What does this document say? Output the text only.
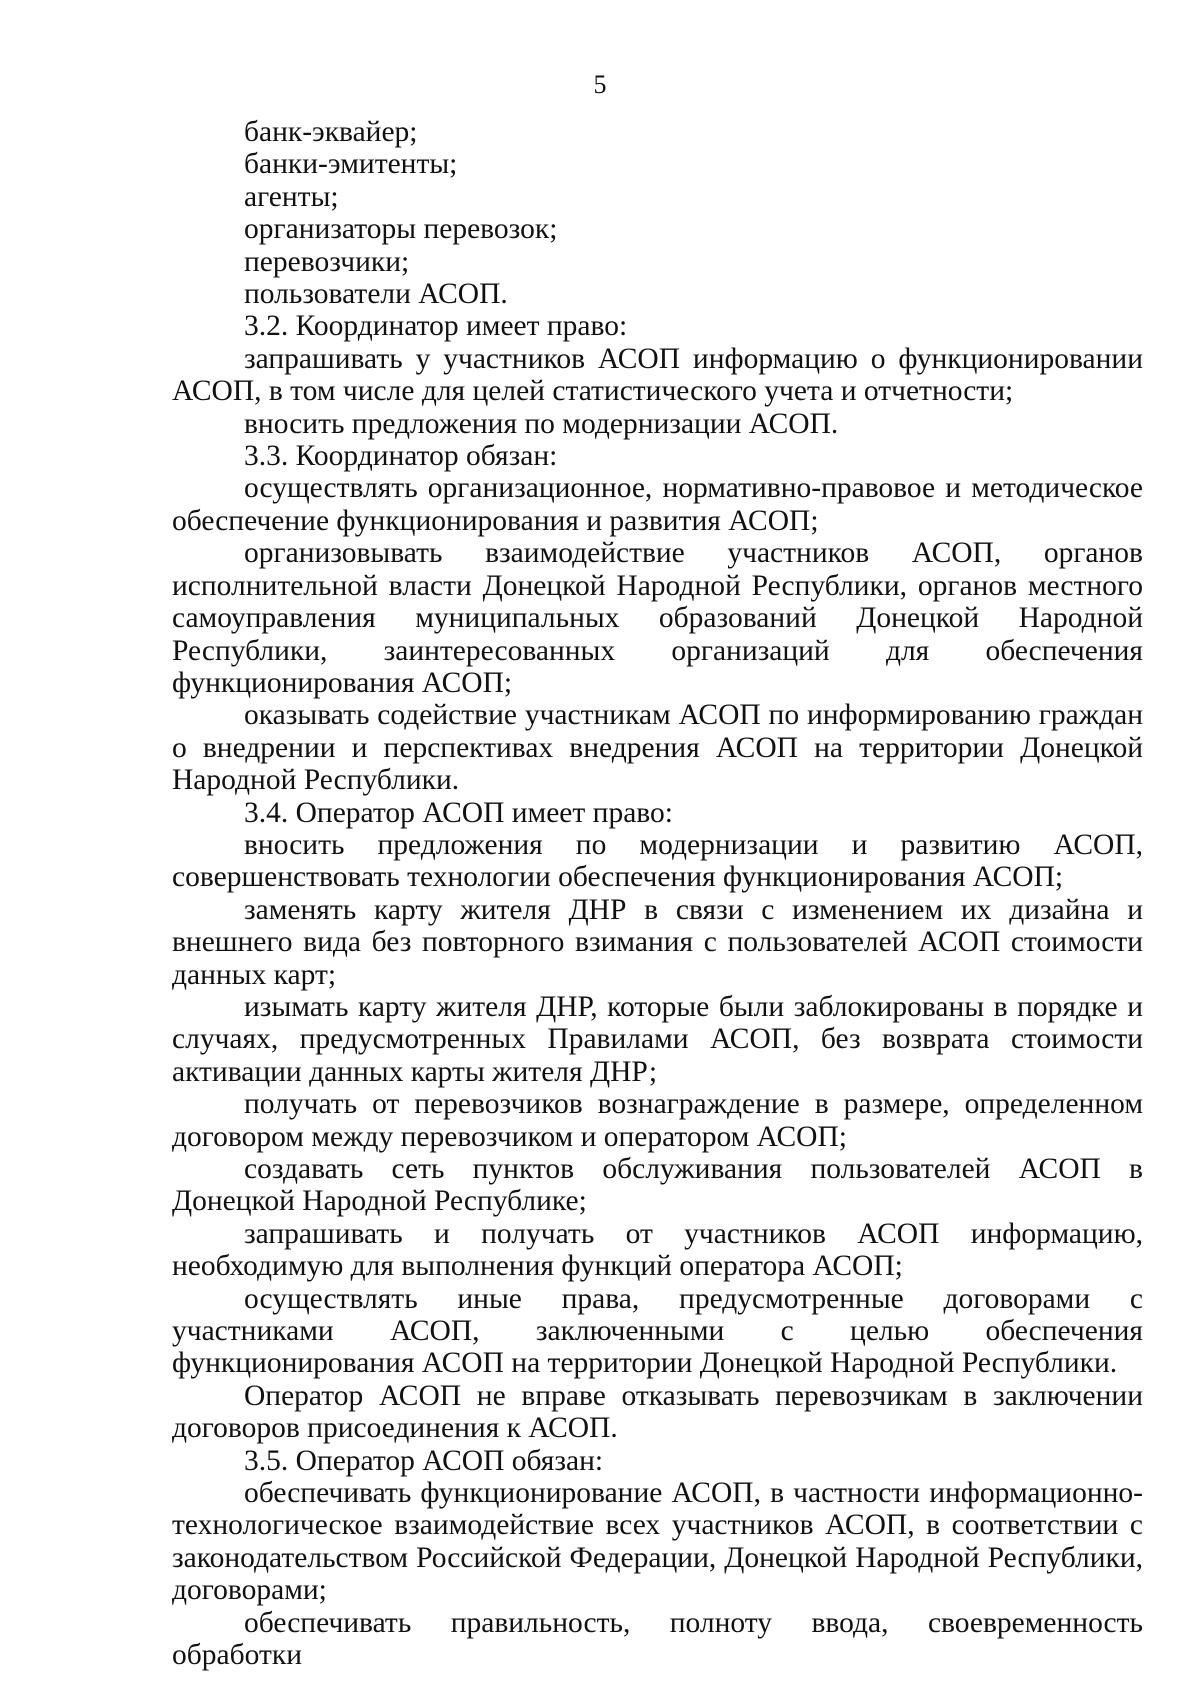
5

банк-эквайер;

банки-эмитенты;

агенты;

организаторы перевозок;

перевозчики;

пользователи АСОП.

3.2. Координатор имеет право:

запрашивать у участников АСОП информацию о функционировании АСОП, в том числе для целей статистического учета и отчетности;

вносить предложения по модернизации АСОП.

3.3. Координатор обязан:

осуществлять организационное, нормативно-правовое и методическое обеспечение функционирования и развития АСОП;

организовывать взаимодействие участников АСОП, органов исполнительной власти Донецкой Народной Республики, органов местного самоуправления муниципальных образований Донецкой Народной Республики, заинтересованных организаций для обеспечения функционирования АСОП;

оказывать содействие участникам АСОП по информированию граждан о внедрении и перспективах внедрения АСОП на территории Донецкой Народной Республики.

3.4. Оператор АСОП имеет право:

вносить предложения по модернизации и развитию АСОП, совершенствовать технологии обеспечения функционирования АСОП;

заменять карту жителя ДНР в связи с изменением их дизайна и внешнего вида без повторного взимания с пользователей АСОП стоимости данных карт;

изымать карту жителя ДНР, которые были заблокированы в порядке и случаях, предусмотренных Правилами АСОП, без возврата стоимости активации данных карты жителя ДНР;

получать от перевозчиков вознаграждение в размере, определенном договором между перевозчиком и оператором АСОП;

создавать сеть пунктов обслуживания пользователей АСОП в Донецкой Народной Республике;

запрашивать и получать от участников АСОП информацию, необходимую для выполнения функций оператора АСОП;

осуществлять иные права, предусмотренные договорами с участниками АСОП, заключенными с целью обеспечения функционирования АСОП на территории Донецкой Народной Республики.

Оператор АСОП не вправе отказывать перевозчикам в заключении договоров присоединения к АСОП.

3.5. Оператор АСОП обязан:

обеспечивать функционирование АСОП, в частности информационно-технологическое взаимодействие всех участников АСОП, в соответствии с законодательством Российской Федерации, Донецкой Народной Республики, договорами;

обеспечивать правильность, полноту ввода, своевременность обработки
